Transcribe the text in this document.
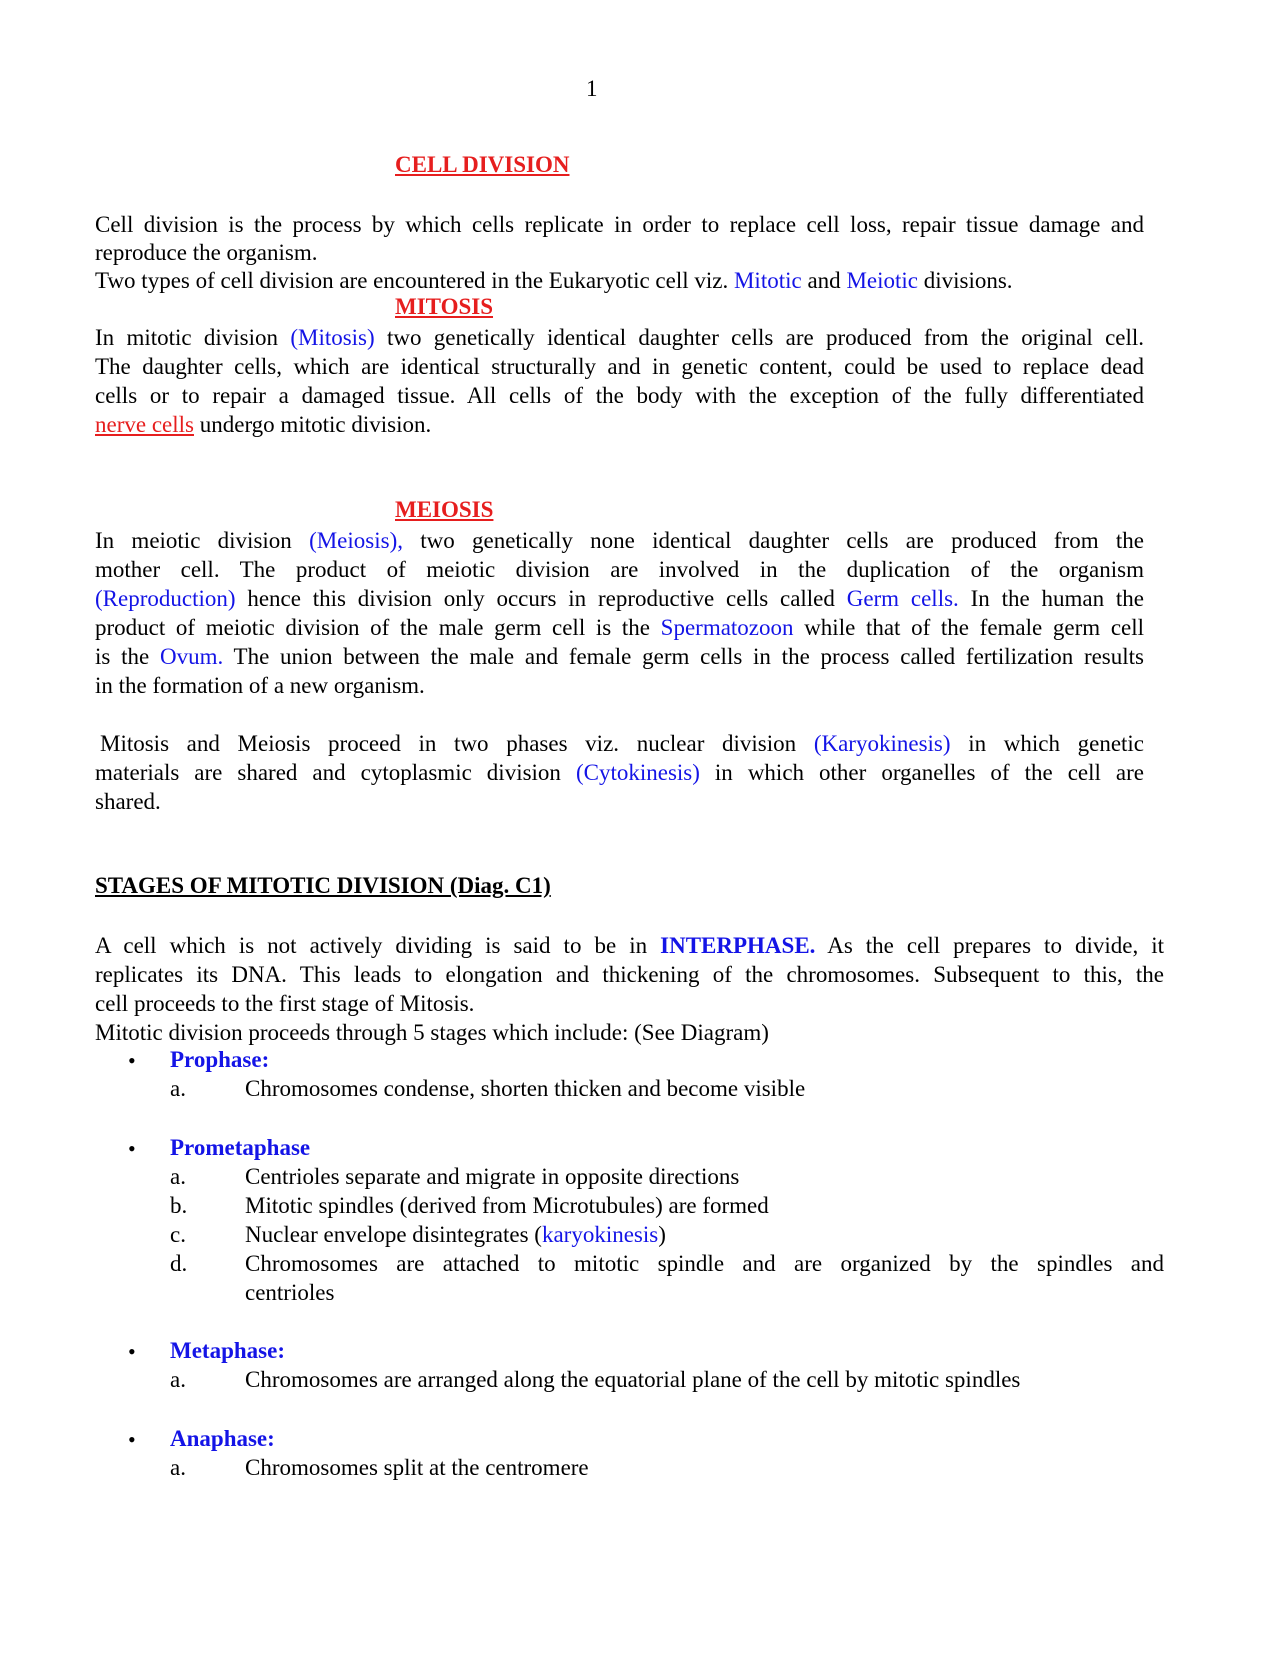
1
CELL DIVISION
Cell division is the process by which cells replicate in order to replace cell loss, repair tissue damage and
reproduce the organism.
Two types of cell division are encountered in the Eukaryotic cell viz. Mitotic and Meiotic divisions.
MITOSIS
In mitotic division (Mitosis) two genetically identical daughter cells are produced from the original cell.
The daughter cells, which are identical structurally and in genetic content, could be used to replace dead
cells or to repair a damaged tissue. All cells of the body with the exception of the fully differentiated
nerve cells undergo mitotic division.
MEIOSIS
In meiotic division (Meiosis), two genetically none identical daughter cells are produced from the
mother cell. The product of meiotic division are involved in the duplication of the organism
(Reproduction) hence this division only occurs in reproductive cells called Germ cells. In the human the
product of meiotic division of the male germ cell is the Spermatozoon while that of the female germ cell
is the Ovum. The union between the male and female germ cells in the process called fertilization results
in the formation of a new organism.
Mitosis and Meiosis proceed in two phases viz. nuclear division (Karyokinesis) in which genetic
materials are shared and cytoplasmic division (Cytokinesis) in which other organelles of the cell are
shared.
STAGES OF MITOTIC DIVISION (Diag. C1)
A cell which is not actively dividing is said to be in INTERPHASE. As the cell prepares to divide, it
replicates its DNA. This leads to elongation and thickening of the chromosomes. Subsequent to this, the
cell proceeds to the first stage of Mitosis.
Mitotic division proceeds through 5 stages which include: (See Diagram)
• Prophase:
a.	Chromosomes condense, shorten thicken and become visible
• Prometaphase
a.	Centrioles separate and migrate in opposite directions
b.	Mitotic spindles (derived from Microtubules) are formed
c.	Nuclear envelope disintegrates (karyokinesis)
d.	Chromosomes are attached to mitotic spindle and are organized by the spindles and
centrioles
• Metaphase:
a.	Chromosomes are arranged along the equatorial plane of the cell by mitotic spindles
• Anaphase:
a.	Chromosomes split at the centromere
